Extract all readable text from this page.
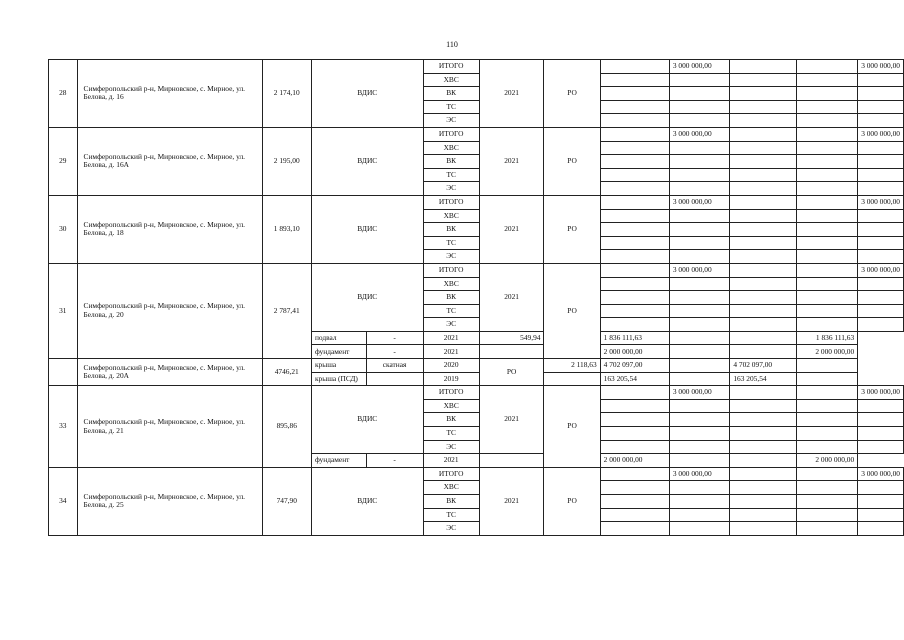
110
28	Симферопольский р-н, Мирновское, с. Мирное, ул. Белова, д. 16	2 174,10	ВДИС		ИТОГО	2021	РО		3 000 000,00			3 000 000,00
					ХВС							
					ВК							
					ТС							
					ЭС							
29	Симферопольский р-н, Мирновское, с. Мирное, ул. Белова, д. 16А	2 195,00	ВДИС		ИТОГО	2021	РО		3 000 000,00			3 000 000,00
					ХВС							
					ВК							
					ТС							
					ЭС							
30	Симферопольский р-н, Мирновское, с. Мирное, ул. Белова, д. 18	1 893,10	ВДИС		ИТОГО	2021	РО		3 000 000,00			3 000 000,00
					ХВС							
					ВК							
					ТС							
					ЭС							
31	Симферопольский р-н, Мирновское, с. Мирное, ул. Белова, д. 20	2 787,41	ВДИС		ИТОГО	2021	РО		3 000 000,00			3 000 000,00
					ХВС							
					ВК							
					ТС							
					ЭС							
			подвал	-	2021	549,94		1 836 111,63			1 836 111,63	
			фундамент	-	2021			2 000 000,00			2 000 000,00	
	Симферопольский р-н, Мирновское, с. Мирное, ул. Белова, д. 20А	4746,21	крыша	скатная	2020	РО	2 118,63	4 702 097,00		4 702 097,00		
			крыша (ПСД)		2019			163 205,54		163 205,54		
33	Симферопольский р-н, Мирновское, с. Мирное, ул. Белова, д. 21	895,86	ВДИС		ИТОГО	2021	РО		3 000 000,00			3 000 000,00
					ХВС							
					ВК							
					ТС							
					ЭС							
			фундамент	-	2021			2 000 000,00			2 000 000,00	
34	Симферопольский р-н, Мирновское, с. Мирное, ул. Белова, д. 25	747,90	ВДИС		ИТОГО	2021	РО		3 000 000,00			3 000 000,00
					ХВС							
					ВК							
					ТС							
					ЭС							
